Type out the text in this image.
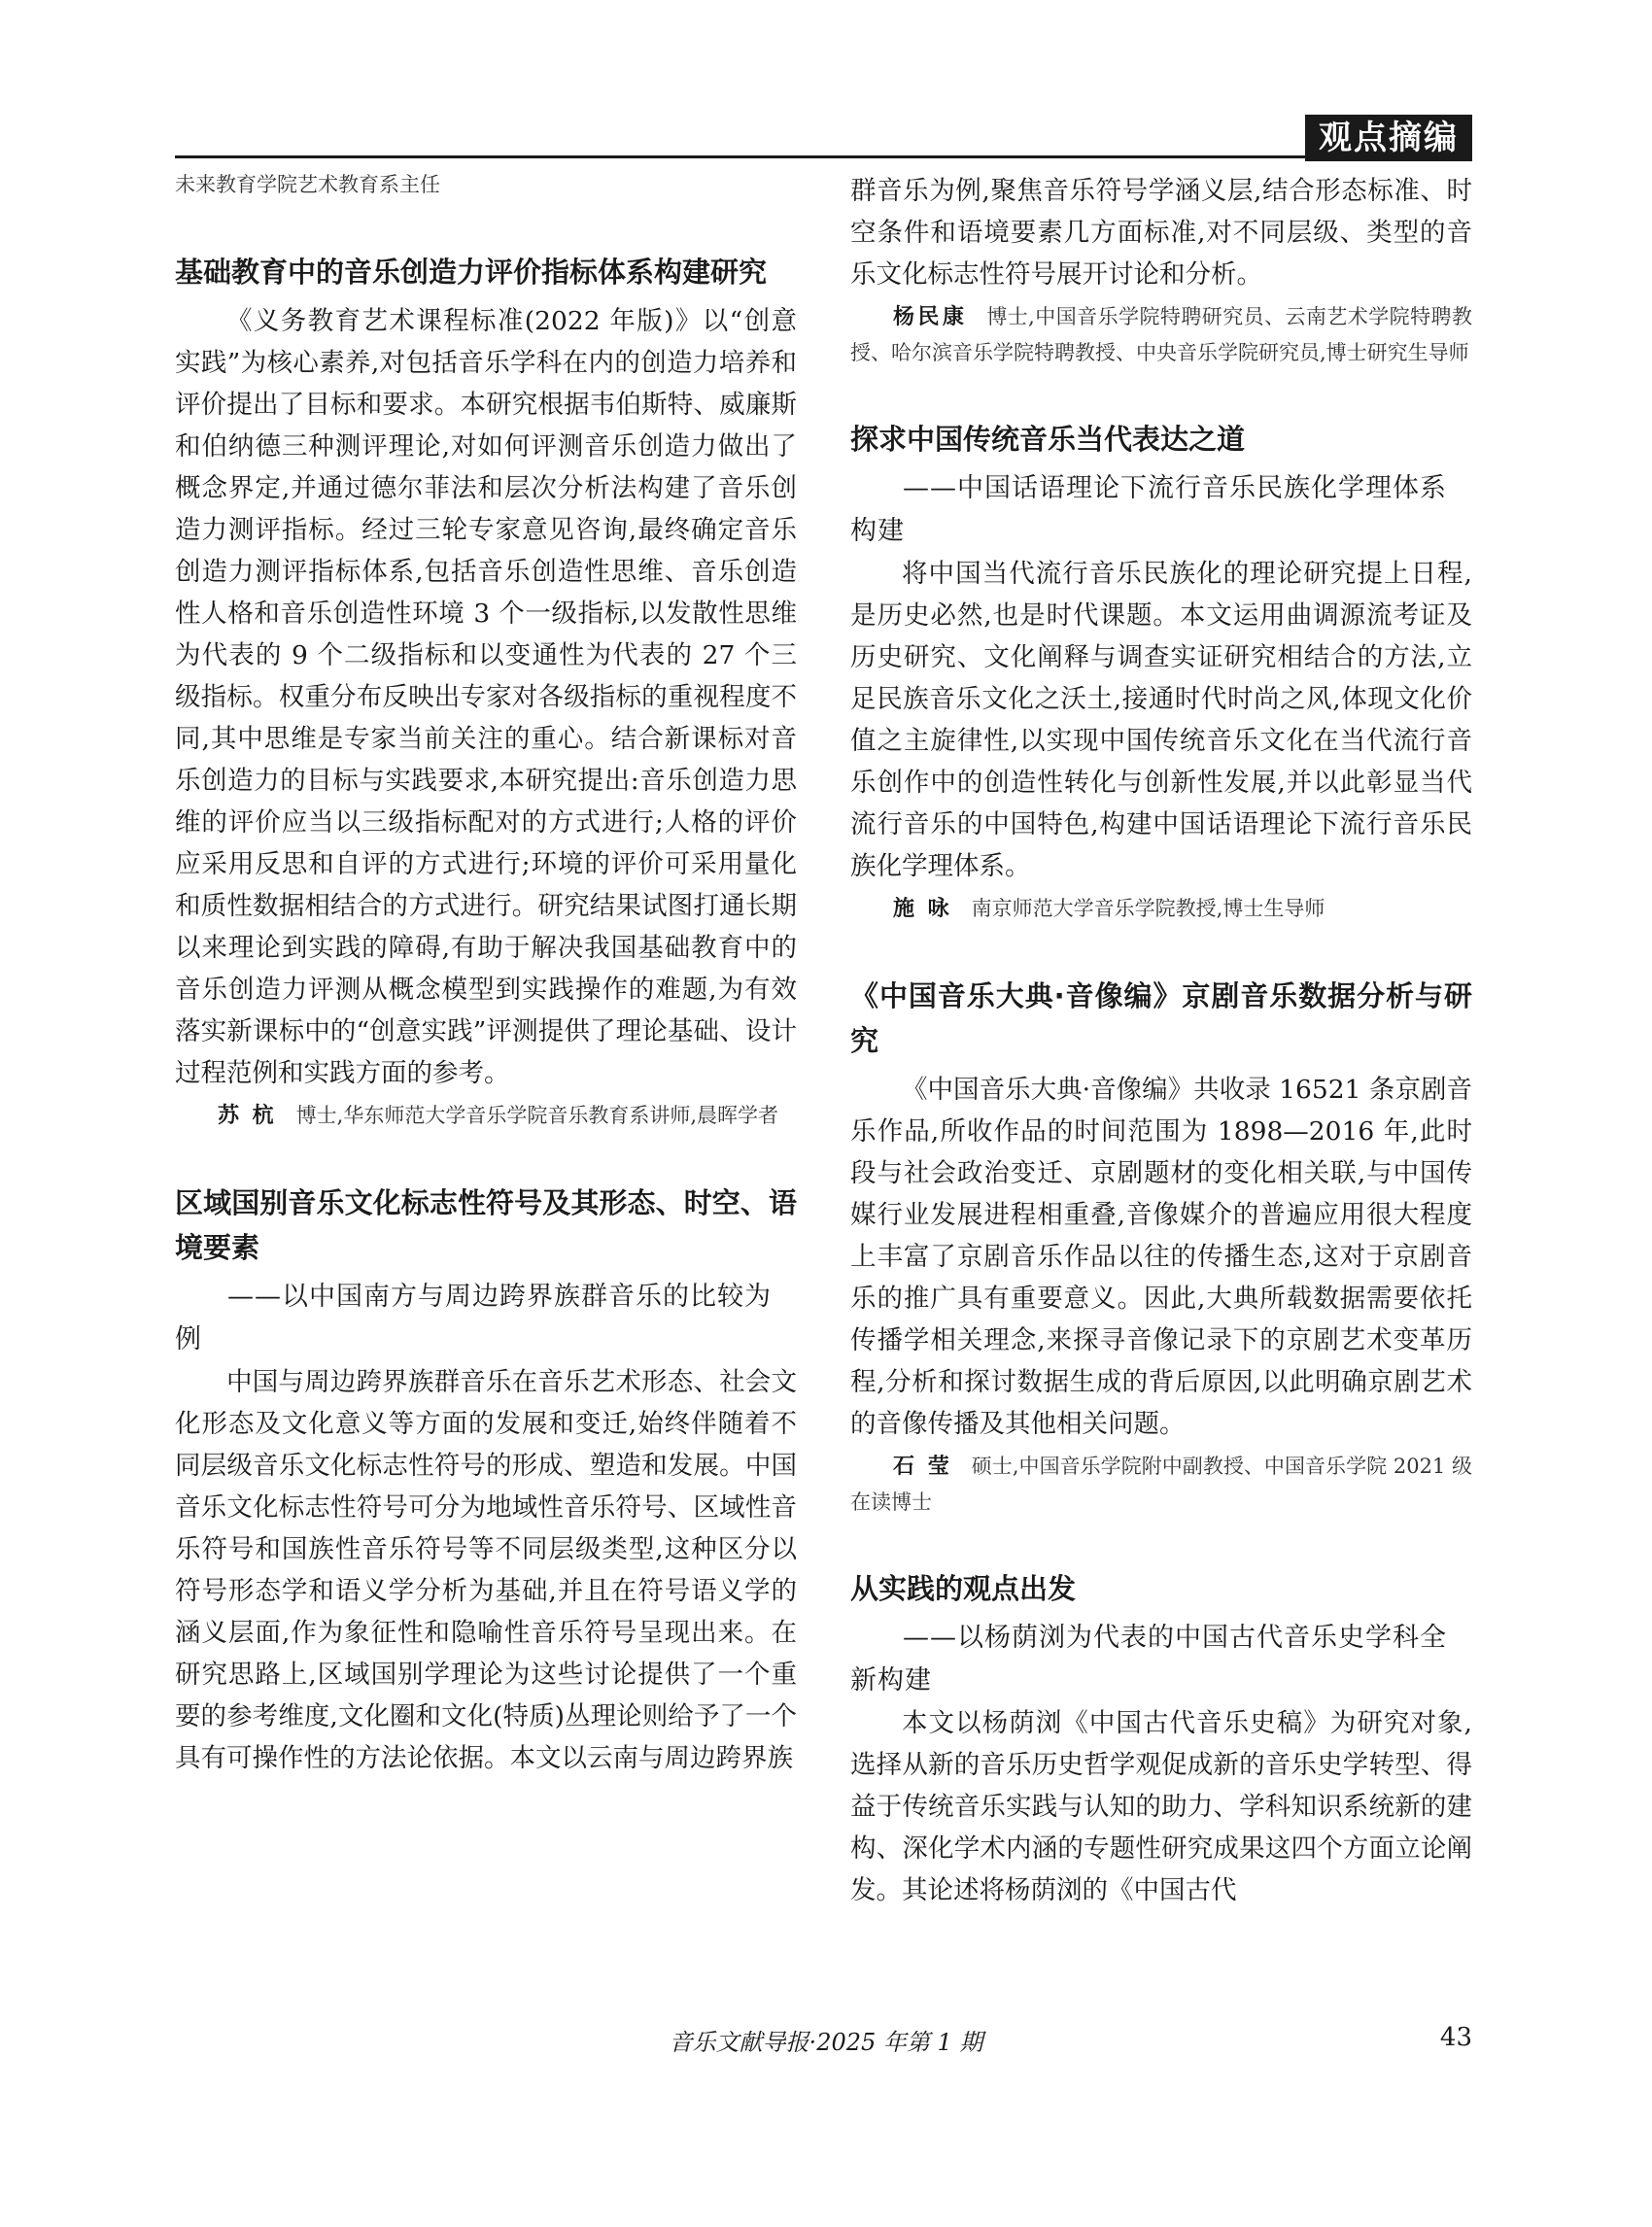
观点摘编

未来教育学院艺术教育系主任

基础教育中的音乐创造力评价指标体系构建研究

《义务教育艺术课程标准(2022 年版)》以“创意实践”为核心素养,对包括音乐学科在内的创造力培养和评价提出了目标和要求。本研究根据韦伯斯特、威廉斯和伯纳德三种测评理论,对如何评测音乐创造力做出了概念界定,并通过德尔菲法和层次分析法构建了音乐创造力测评指标。经过三轮专家意见咨询,最终确定音乐创造力测评指标体系,包括音乐创造性思维、音乐创造性人格和音乐创造性环境 3 个一级指标,以发散性思维为代表的 9 个二级指标和以变通性为代表的 27 个三级指标。权重分布反映出专家对各级指标的重视程度不同,其中思维是专家当前关注的重心。结合新课标对音乐创造力的目标与实践要求,本研究提出:音乐创造力思维的评价应当以三级指标配对的方式进行;人格的评价应采用反思和自评的方式进行;环境的评价可采用量化和质性数据相结合的方式进行。研究结果试图打通长期以来理论到实践的障碍,有助于解决我国基础教育中的音乐创造力评测从概念模型到实践操作的难题,为有效落实新课标中的“创意实践”评测提供了理论基础、设计过程范例和实践方面的参考。

苏 杭 博士,华东师范大学音乐学院音乐教育系讲师,晨晖学者

区域国别音乐文化标志性符号及其形态、时空、语境要素

——以中国南方与周边跨界族群音乐的比较为例

中国与周边跨界族群音乐在音乐艺术形态、社会文化形态及文化意义等方面的发展和变迁,始终伴随着不同层级音乐文化标志性符号的形成、塑造和发展。中国音乐文化标志性符号可分为地域性音乐符号、区域性音乐符号和国族性音乐符号等不同层级类型,这种区分以符号形态学和语义学分析为基础,并且在符号语义学的涵义层面,作为象征性和隐喻性音乐符号呈现出来。在研究思路上,区域国别学理论为这些讨论提供了一个重要的参考维度,文化圈和文化(特质)丛理论则给予了一个具有可操作性的方法论依据。本文以云南与周边跨界族

群音乐为例,聚焦音乐符号学涵义层,结合形态标准、时空条件和语境要素几方面标准,对不同层级、类型的音乐文化标志性符号展开讨论和分析。

杨民康 博士,中国音乐学院特聘研究员、云南艺术学院特聘教授、哈尔滨音乐学院特聘教授、中央音乐学院研究员,博士研究生导师

探求中国传统音乐当代表达之道

——中国话语理论下流行音乐民族化学理体系构建

将中国当代流行音乐民族化的理论研究提上日程,是历史必然,也是时代课题。本文运用曲调源流考证及历史研究、文化阐释与调查实证研究相结合的方法,立足民族音乐文化之沃土,接通时代时尚之风,体现文化价值之主旋律性,以实现中国传统音乐文化在当代流行音乐创作中的创造性转化与创新性发展,并以此彰显当代流行音乐的中国特色,构建中国话语理论下流行音乐民族化学理体系。

施 咏 南京师范大学音乐学院教授,博士生导师

《中国音乐大典·音像编》京剧音乐数据分析与研究

《中国音乐大典·音像编》共收录 16521 条京剧音乐作品,所收作品的时间范围为 1898—2016 年,此时段与社会政治变迁、京剧题材的变化相关联,与中国传媒行业发展进程相重叠,音像媒介的普遍应用很大程度上丰富了京剧音乐作品以往的传播生态,这对于京剧音乐的推广具有重要意义。因此,大典所载数据需要依托传播学相关理念,来探寻音像记录下的京剧艺术变革历程,分析和探讨数据生成的背后原因,以此明确京剧艺术的音像传播及其他相关问题。

石 莹 硕士,中国音乐学院附中副教授、中国音乐学院 2021 级在读博士

从实践的观点出发

——以杨荫浏为代表的中国古代音乐史学科全新构建

本文以杨荫浏《中国古代音乐史稿》为研究对象,选择从新的音乐历史哲学观促成新的音乐史学转型、得益于传统音乐实践与认知的助力、学科知识系统新的建构、深化学术内涵的专题性研究成果这四个方面立论阐发。其论述将杨荫浏的《中国古代

音乐文献导报·2025 年第 1 期	43
